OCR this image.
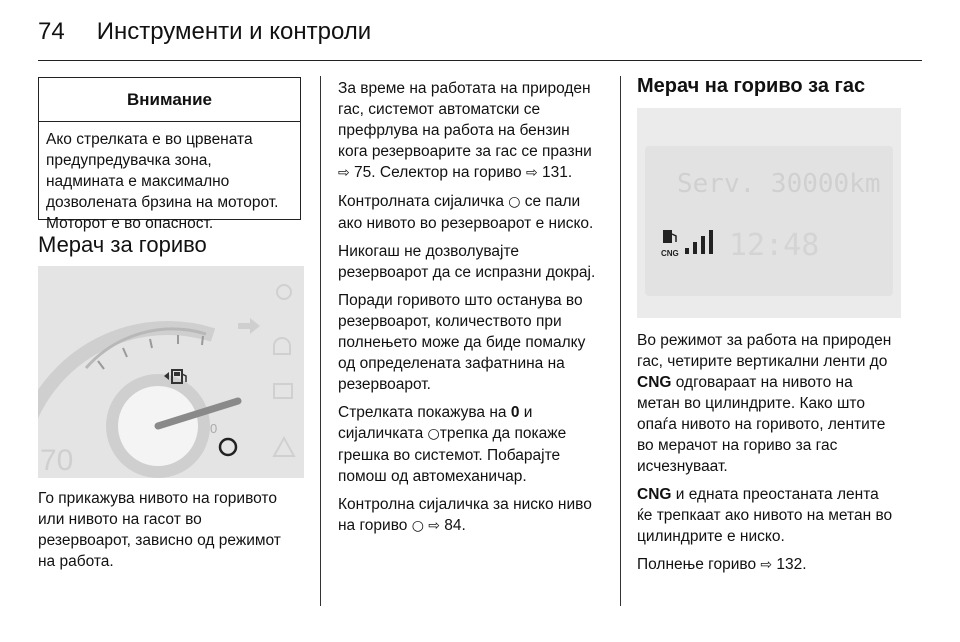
74 Инструменти и контроли
Внимание
Ако стрелката е во црвената
предупредувачка зона,
надмината е максимално
дозволената брзина на моторот.
Моторот е во опасност.
Мерач за гориво
0
70
Го прикажува нивото на горивото
или нивото на гасот во
резервоарот, зависно од режимот
на работа.

За време на работата на природен
гас, системот автоматски се
префрлува на работа на бензин
кога резервоарите за гас се празни
⇨ 75. Селектор на гориво ⇨ 131.

Контролната сијаличка ○ се пали
ако нивото во резервоарот е ниско.

Никогаш не дозволувајте
резервоарот да се испразни докрај.

Поради горивото што останува во
резервоарот, количеството при
полнењето може да биде помалку
од определената зафатнина на
резервоарот.

Стрелката покажува на 0 и
сијаличката ○трепка да покаже
грешка во системот. Побарајте
помош од автомеханичар.

Контролна сијаличка за ниско ниво
на гориво ○ ⇨ 84.

Мерач на гориво за гас
Serv. 30000km
CNG 12:48

Во режимот за работа на природен
гас, четирите вертикални ленти до
CNG одговараат на нивото на
метан во цилиндрите. Како што
опаѓа нивото на горивото, лентите
во мерачот на гориво за гас
исчезнуваат.

CNG и едната преостаната лента
ќе трепкаат ако нивото на метан во
цилиндрите е ниско.

Полнење гориво ⇨ 132.
